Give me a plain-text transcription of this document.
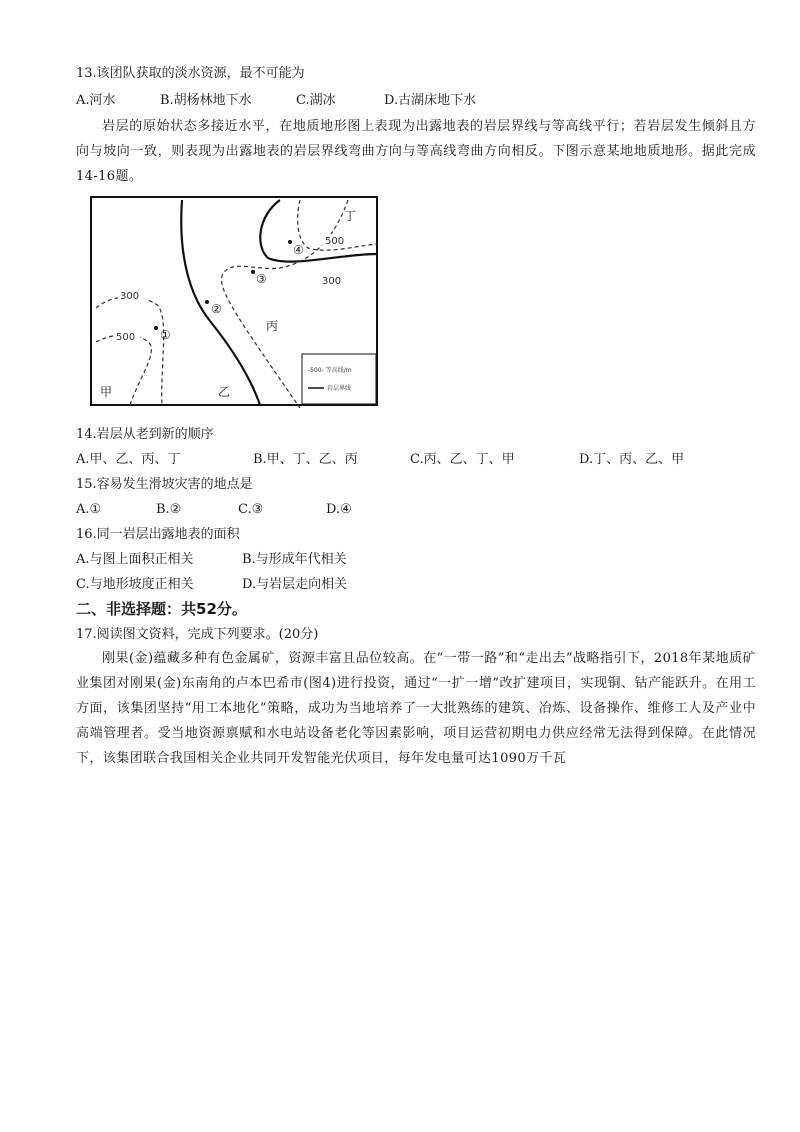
13.该团队获取的淡水资源，最不可能为
A.河水	B.胡杨林地下水	C.湖冰	D.古湖床地下水
岩层的原始状态多接近水平，在地质地形图上表现为出露地表的岩层界线与等高线平行；若岩层发生倾斜且方向与坡向一致，则表现为出露地表的岩层界线弯曲方向与等高线弯曲方向相反。下图示意某地地质地形。据此完成14-16题。
300
500
300
500
①
②
③
④
甲	乙
丙
丁
-500- 等高线/m
岩层界线
14.岩层从老到新的顺序
A.甲、乙、丙、丁	B.甲、丁、乙、丙	C.丙、乙、丁、甲	D.丁、丙、乙、甲
15.容易发生滑坡灾害的地点是
A.①	B.②	C.③	D.④
16.同一岩层出露地表的面积
A.与图上面积正相关	B.与形成年代相关
C.与地形坡度正相关	D.与岩层走向相关
二、非选择题：共52分。
17.阅读图文资料，完成下列要求。(20分)
刚果(金)蕴藏多种有色金属矿，资源丰富且品位较高。在“一带一路”和“走出去”战略指引下，2018年某地质矿业集团对刚果(金)东南角的卢本巴希市(图4)进行投资，通过“一扩一增”改扩建项目，实现铜、钴产能跃升。在用工方面，该集团坚持“用工本地化”策略，成功为当地培养了一大批熟练的建筑、冶炼、设备操作、维修工人及产业中高端管理者。受当地资源禀赋和水电站设备老化等因素影响，项目运营初期电力供应经常无法得到保障。在此情况下，该集团联合我国相关企业共同开发智能光伏项目，每年发电量可达1090万千瓦
